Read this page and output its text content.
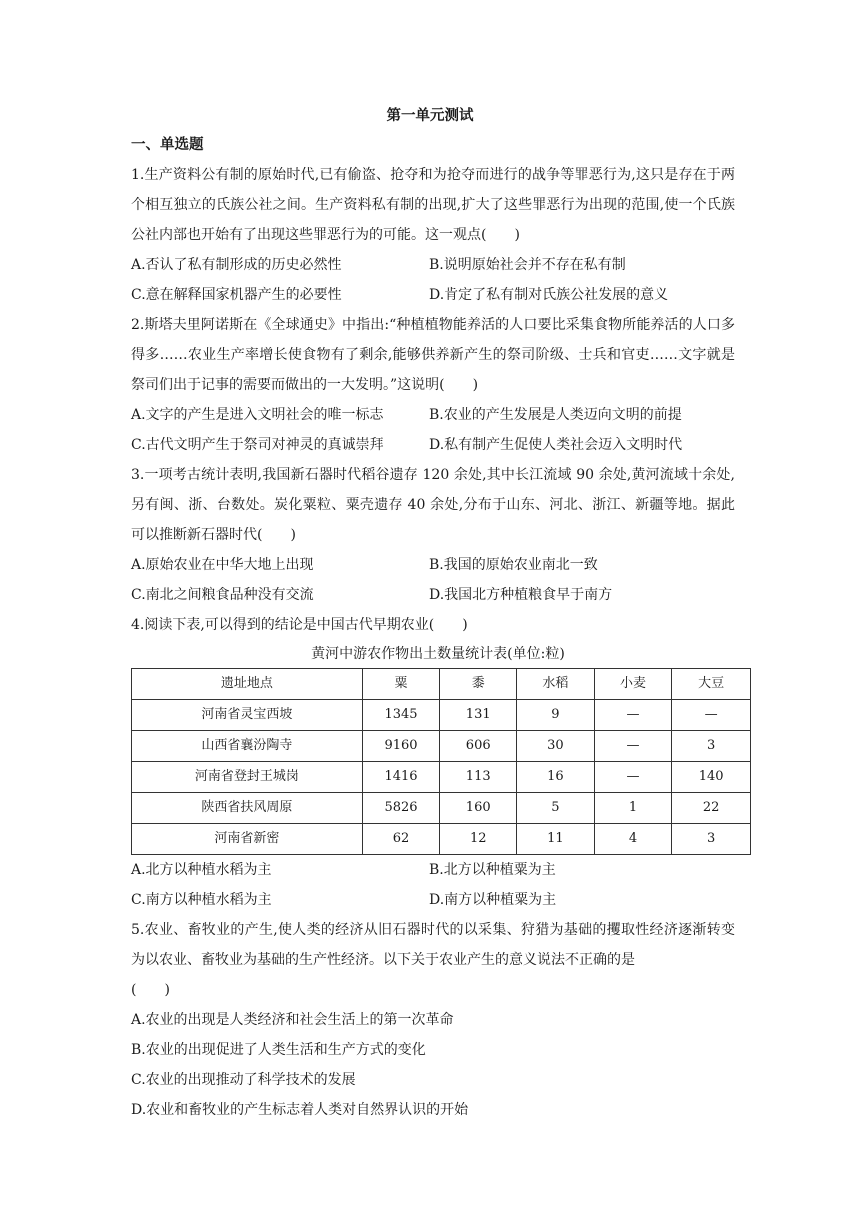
第一单元测试
一、单选题
1.生产资料公有制的原始时代,已有偷盗、抢夺和为抢夺而进行的战争等罪恶行为,这只是存在于两个相互独立的氏族公社之间。生产资料私有制的出现,扩大了这些罪恶行为出现的范围,使一个氏族公社内部也开始有了出现这些罪恶行为的可能。这一观点(　　)
A.否认了私有制形成的历史必然性	B.说明原始社会并不存在私有制
C.意在解释国家机器产生的必要性	D.肯定了私有制对氏族公社发展的意义
2.斯塔夫里阿诺斯在《全球通史》中指出:“种植植物能养活的人口要比采集食物所能养活的人口多得多……农业生产率增长使食物有了剩余,能够供养新产生的祭司阶级、士兵和官吏……文字就是祭司们出于记事的需要而做出的一大发明。”这说明(　　)
A.文字的产生是进入文明社会的唯一标志	B.农业的产生发展是人类迈向文明的前提
C.古代文明产生于祭司对神灵的真诚崇拜	D.私有制产生促使人类社会迈入文明时代
3.一项考古统计表明,我国新石器时代稻谷遗存 120 余处,其中长江流域 90 余处,黄河流域十余处,另有闽、浙、台数处。炭化粟粒、粟壳遗存 40 余处,分布于山东、河北、浙江、新疆等地。据此可以推断新石器时代(　　)
A.原始农业在中华大地上出现	B.我国的原始农业南北一致
C.南北之间粮食品种没有交流	D.我国北方种植粮食早于南方
4.阅读下表,可以得到的结论是中国古代早期农业(　　)
黄河中游农作物出土数量统计表(单位:粒)
遗址地点	粟	黍	水稻	小麦	大豆
河南省灵宝西坡	1345	131	9	—	—
山西省襄汾陶寺	9160	606	30	—	3
河南省登封王城岗	1416	113	16	—	140
陕西省扶风周原	5826	160	5	1	22
河南省新密	62	12	11	4	3
A.北方以种植水稻为主	B.北方以种植粟为主
C.南方以种植水稻为主	D.南方以种植粟为主
5.农业、畜牧业的产生,使人类的经济从旧石器时代的以采集、狩猎为基础的攫取性经济逐渐转变为以农业、畜牧业为基础的生产性经济。以下关于农业产生的意义说法不正确的是
(　　)
A.农业的出现是人类经济和社会生活上的第一次革命
B.农业的出现促进了人类生活和生产方式的变化
C.农业的出现推动了科学技术的发展
D.农业和畜牧业的产生标志着人类对自然界认识的开始
